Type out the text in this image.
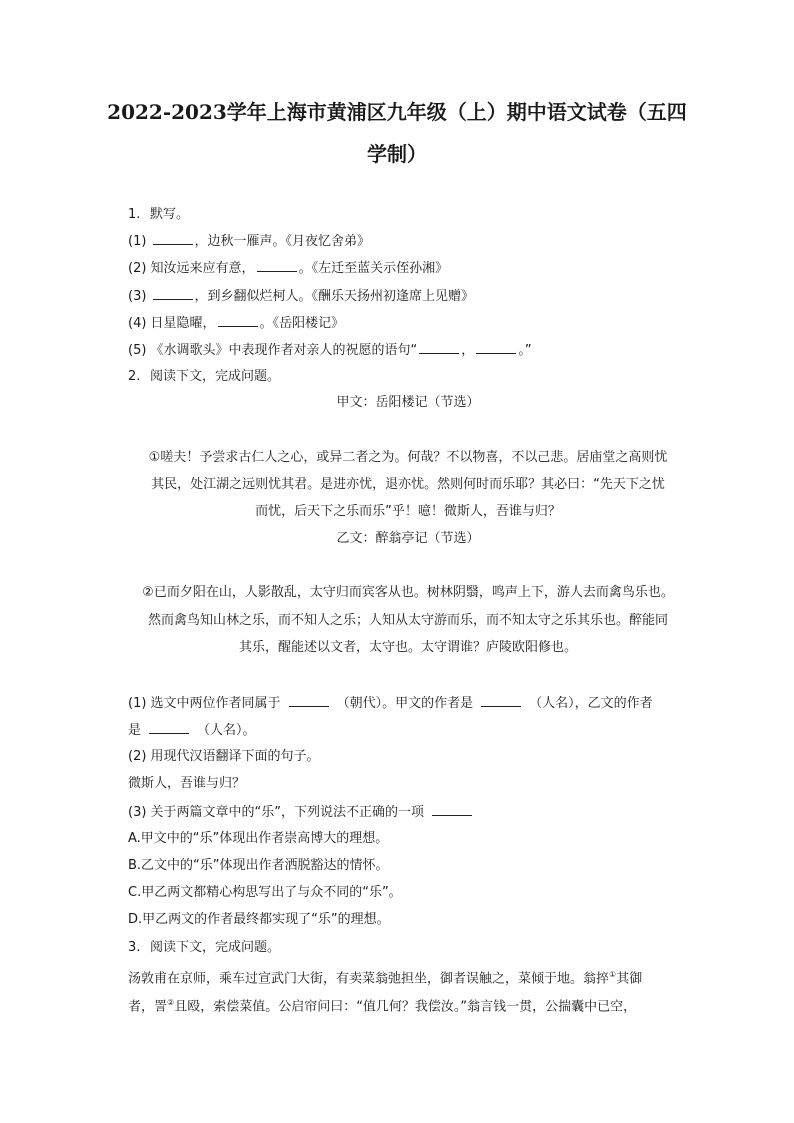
2022-2023学年上海市黄浦区九年级（上）期中语文试卷（五四
学制）
1. 默写。
(1)	，边秋一雁声。《月夜忆舍弟》
(2) 知汝远来应有意，	。《左迁至蓝关示侄孙湘》
(3)	，到乡翻似烂柯人。《酬乐天扬州初逢席上见赠》
(4) 日星隐曜，	。《岳阳楼记》
(5) 《水调歌头》中表现作者对亲人的祝愿的语句“	，	。”
2. 阅读下文，完成问题。
甲文：岳阳楼记（节选）
①嗟夫！予尝求古仁人之心，或异二者之为。何哉？不以物喜，不以己悲。居庙堂之高则忧
其民，处江湖之远则忧其君。是进亦忧，退亦忧。然则何时而乐耶？其必曰：“先天下之忧
而忧，后天下之乐而乐”乎！噫！微斯人，吾谁与归？
乙文：醉翁亭记（节选）
②已而夕阳在山，人影散乱，太守归而宾客从也。树林阴翳，鸣声上下，游人去而禽鸟乐也。
然而禽鸟知山林之乐，而不知人之乐；人知从太守游而乐，而不知太守之乐其乐也。醉能同
其乐，醒能述以文者，太守也。太守谓谁？庐陵欧阳修也。
(1) 选文中两位作者同属于	（朝代）。甲文的作者是	（人名），乙文的作者
是	（人名）。
(2) 用现代汉语翻译下面的句子。
微斯人，吾谁与归？
(3) 关于两篇文章中的“乐”，下列说法不正确的一项
A.甲文中的“乐”体现出作者崇高博大的理想。
B.乙文中的“乐”体现出作者洒脱豁达的情怀。
C.甲乙两文都精心构思写出了与众不同的“乐”。
D.甲乙两文的作者最终都实现了“乐”的理想。
3. 阅读下文，完成问题。
汤敦甫在京师，乘车过宣武门大街，有卖菜翁弛担坐，御者误触之，菜倾于地。翁捽①其御
者，詈②且殴，索偿菜值。公启帘问曰：“值几何？我偿汝。”翁言钱一贯，公揣囊中已空，
